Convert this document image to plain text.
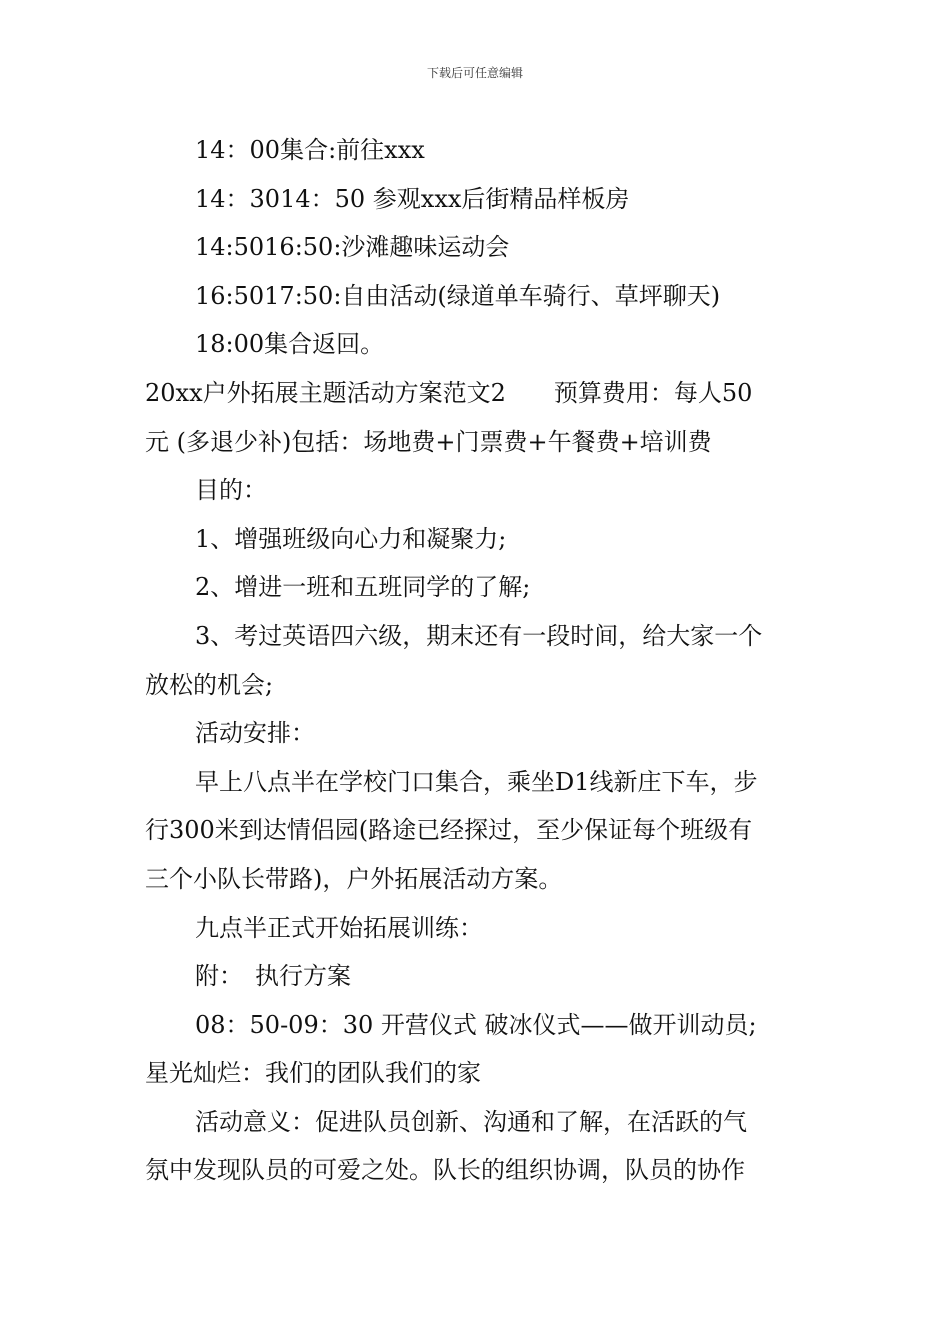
下载后可任意编辑

14：00集合:前往xxx

14：3014：50 参观xxx后街精品样板房

14:5016:50:沙滩趣味运动会

16:5017:50:自由活动(绿道单车骑行、草坪聊天)

18:00集合返回。

20xx户外拓展主题活动方案范文2　　预算费用：每人50

元 (多退少补)包括：场地费+门票费+午餐费+培训费

目的：

1、增强班级向心力和凝聚力;

2、增进一班和五班同学的了解;

3、考过英语四六级，期末还有一段时间，给大家一个

放松的机会;

活动安排：

早上八点半在学校门口集合，乘坐D1线新庄下车，步

行300米到达情侣园(路途已经探过，至少保证每个班级有

三个小队长带路)，户外拓展活动方案。

九点半正式开始拓展训练：

附：　执行方案

08：50-09：30 开营仪式 破冰仪式——做开训动员;

星光灿烂：我们的团队我们的家

活动意义：促进队员创新、沟通和了解，在活跃的气

氛中发现队员的可爱之处。队长的组织协调，队员的协作
